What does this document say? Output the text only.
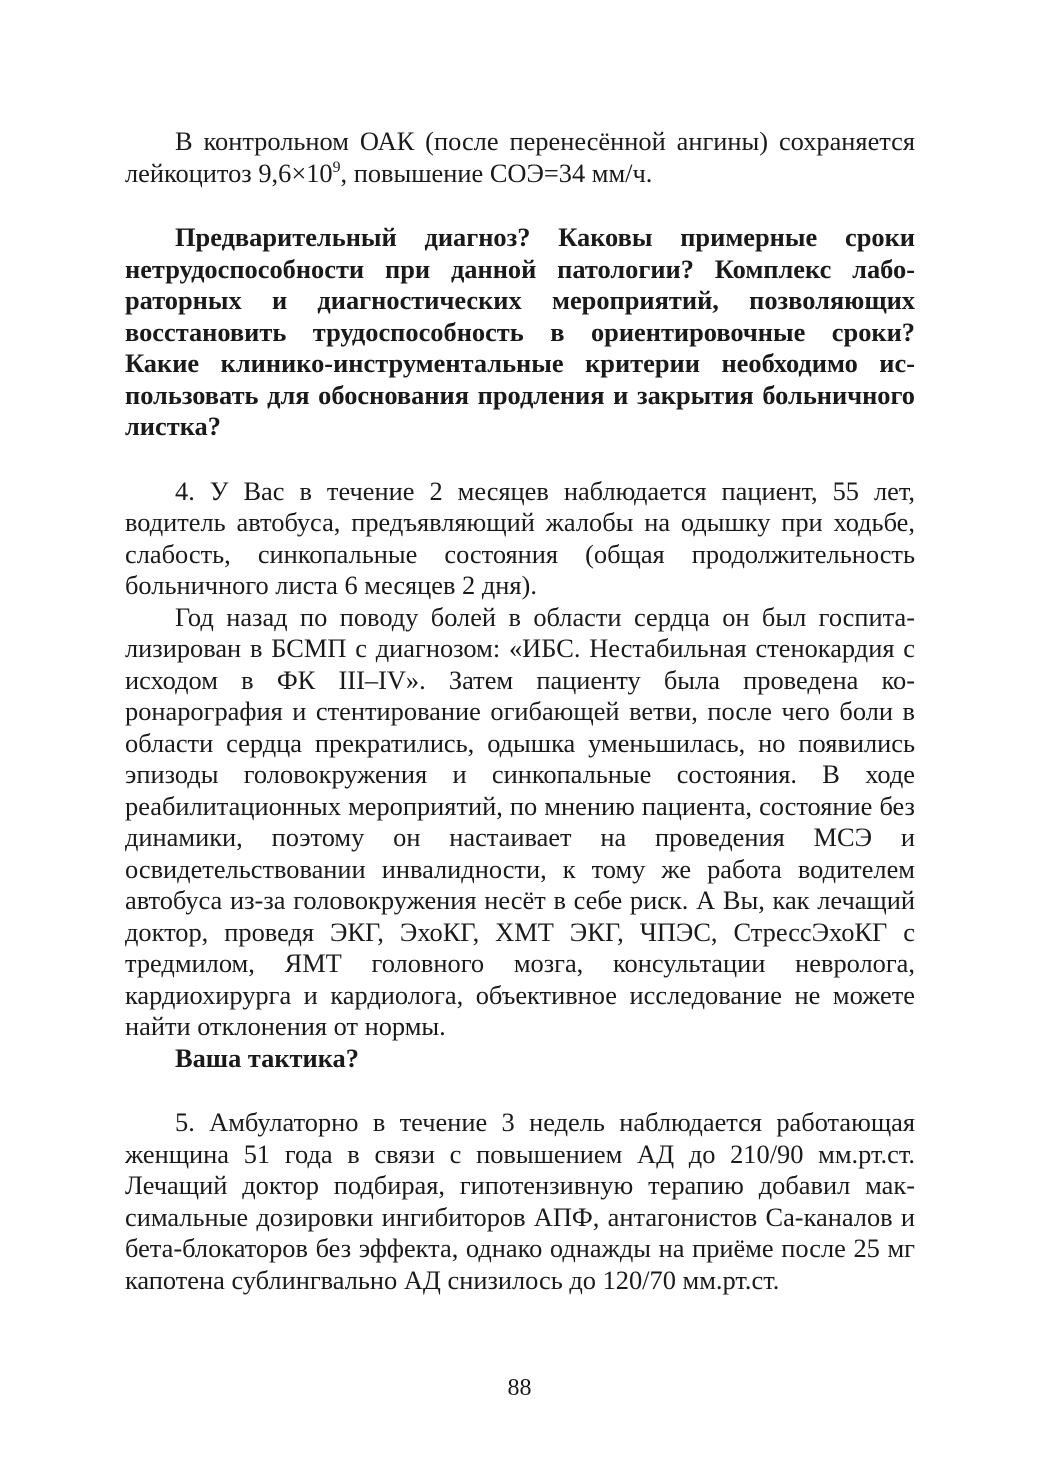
В контрольном ОАК (после перенесённой ангины) сохраняется лейкоцитоз $9,6\times 10^9$, повышение СОЭ=34 мм/ч.

Предварительный диагноз? Каковы примерные сроки нетрудоспособности при данной патологии? Комплекс лабораторных и диагностических мероприятий, позволяющих восстановить трудоспособность в ориентировочные сроки? Какие клинико-инструментальные критерии необходимо использовать для обоснования продления и закрытия больничного листка?

4. У Вас в течение 2 месяцев наблюдается пациент, 55 лет, водитель автобуса, предъявляющий жалобы на одышку при ходьбе, слабость, синкопальные состояния (общая продолжительность больничного листа 6 месяцев 2 дня).

Год назад по поводу болей в области сердца он был госпитализирован в БСМП с диагнозом: «ИБС. Нестабильная стенокардия с исходом в ФК III–IV». Затем пациенту была проведена коронарография и стентирование огибающей ветви, после чего боли в области сердца прекратились, одышка уменьшилась, но появились эпизоды головокружения и синкопальные состояния. В ходе реабилитационных мероприятий, по мнению пациента, состояние без динамики, поэтому он настаивает на проведения МСЭ и освидетельствовании инвалидности, к тому же работа водителем автобуса из-за головокружения несёт в себе риск. А Вы, как лечащий доктор, проведя ЭКГ, ЭхоКГ, ХМТ ЭКГ, ЧПЭС, СтрессЭхоКГ с тредмилом, ЯМТ головного мозга, консультации невролога, кардиохирурга и кардиолога, объективное исследование не можете найти отклонения от нормы.

Ваша тактика?

5. Амбулаторно в течение 3 недель наблюдается работающая женщина 51 года в связи с повышением АД до 210/90 мм.рт.ст. Лечащий доктор подбирая, гипотензивную терапию добавил максимальные дозировки ингибиторов АПФ, антагонистов Са-каналов и бета-блокаторов без эффекта, однако однажды на приёме после 25 мг капотена сублингвально АД снизилось до 120/70 мм.рт.ст.

88
